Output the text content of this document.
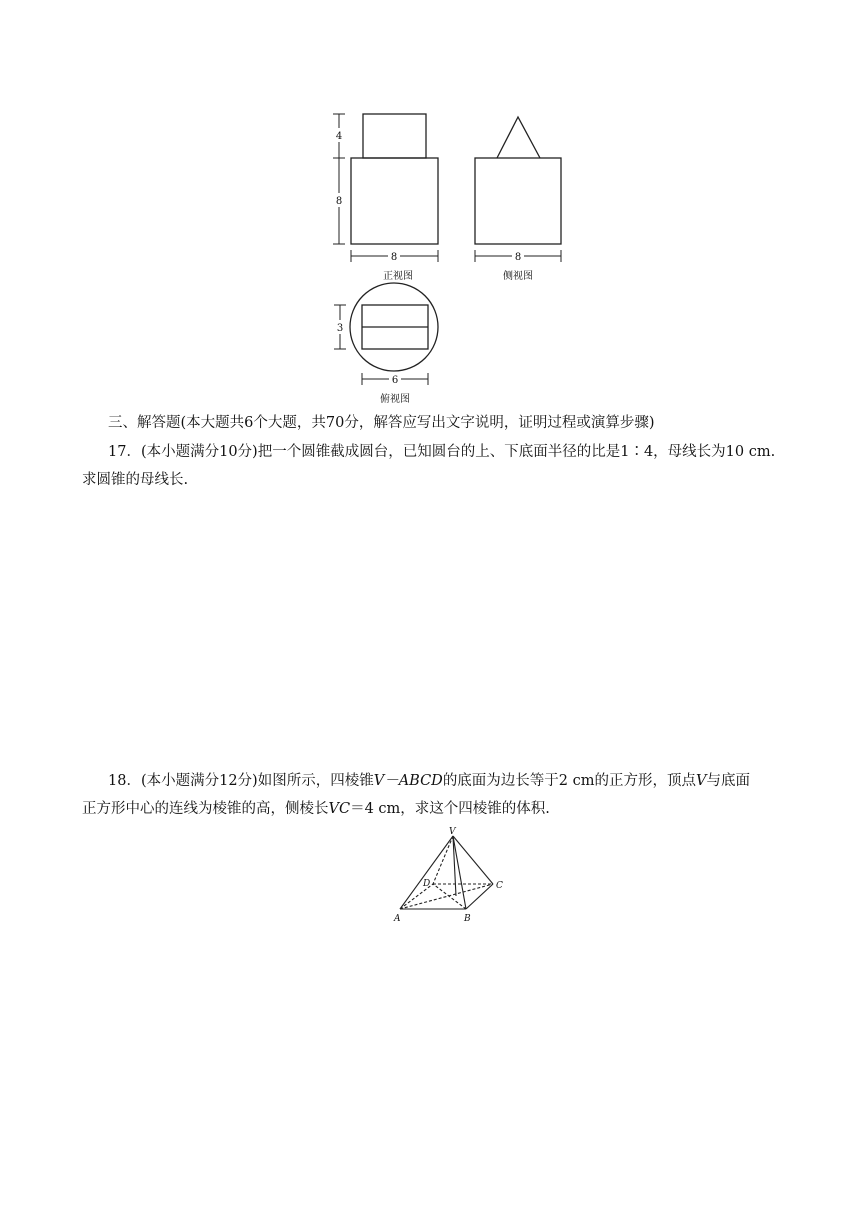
4
8
8
正视图
8
侧视图
3
6
俯视图
三、解答题(本大题共6个大题，共70分，解答应写出文字说明，证明过程或演算步骤)
17．(本小题满分10分)把一个圆锥截成圆台，已知圆台的上、下底面半径的比是1∶4，母线长为10 cm.
求圆锥的母线长.
18．(本小题满分12分)如图所示，四棱锥V－ABCD的底面为边长等于2 cm的正方形，顶点V与底面
正方形中心的连线为棱锥的高，侧棱长VC＝4 cm，求这个四棱锥的体积.
V
D	C
A	B
